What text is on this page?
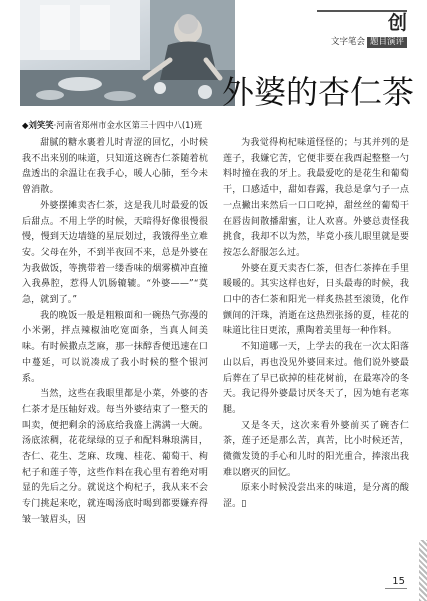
创
文字笔会 题目演评
外婆的杏仁茶
◆刘笑笑·河南省郑州市金水区第三十四中八(1)班

甜腻的糖水裹着儿时青涩的回忆，小时候我不出来别的味道，只知道这碗杏仁茶随着杭盘透出的余温让在我手心，暖人心肺，至今未曾消散。

外婆摆摊卖杏仁茶，这是我儿时最爱的饭后甜点。不用上学的时候，天暗得好像很慢很慢，慢到天边墙缝的星辰划过，我饿得坐立难安。父母在外，不到半夜回不来，总是外婆在为我做饭，等携带着一缕香味的烟雾横冲直撞入我鼻腔，惹得人饥肠辘辘。“外婆——”“莫急，就到了。”

我的晚饭一般是粗粮面和一碗热气弥漫的小米粥，拌点辣椒油吃宽面条，当真人间美味。有时候撒点芝麻，那一抹醇香便迅速在口中蔓延，可以说凑成了我小时候的整个银河系。

当然，这些在我眼里都是小菜，外婆的杏仁茶才是压轴好戏。每当外婆结束了一整天的叫卖，便把剩余的汤底给我盛上满满一大碗。汤底浓稠，花花绿绿的豆子和配料琳琅满目，杏仁、花生、芝麻、玫瑰、桂花、葡萄干、枸杞子和莲子等，这些作料在我心里有着绝对明显的先后之分。就说这个枸杞子，我从来不会专门挑起来吃，就连喝汤底时喝到都要嫌弃得皱一皱眉头，因

为我觉得枸杞味道怪怪的；与其并列的是莲子，我嫌它苦，它便非要在我酉起整整一勺料时撞在我的牙上。我最爱吃的是花生和葡萄干，口感适中，甜如春露，我总是拿勺子一点一点撇出来然后一口口吃掉，甜丝丝的葡萄干在唇齿间散播甜蜜，让人欢喜。外婆总责怪我挑食，我却不以为然，毕竟小孩儿眼里就是要按怎么舒服怎么过。

外婆在夏天卖杏仁茶，但杏仁茶捧在手里暖暖的。其实这样也好，日头最毒的时候，我口中的杏仁茶和阳光一样炙热甚至滚烫，化作颤间的汗珠，消逝在这热烈张扬的夏，桂花的味道比往日更浓，熏陶着美里每一种作料。

不知道哪一天，上学去的我在一次太阳落山以后，再也没见外婆回来过。他们说外婆最后葬在了早已砍掉的桂花树前，在最寒冷的冬天。我记得外婆最讨厌冬天了，因为她有老寒腿。

又是冬天，这次来看外婆前买了碗杏仁茶，莲子还是那么苦，真苦，比小时候还苦，微微发烫的手心和儿时的阳光重合，捧滚出我难以磨灭的回忆。

原来小时候没尝出来的味道，是分离的酸涩。▯

15
